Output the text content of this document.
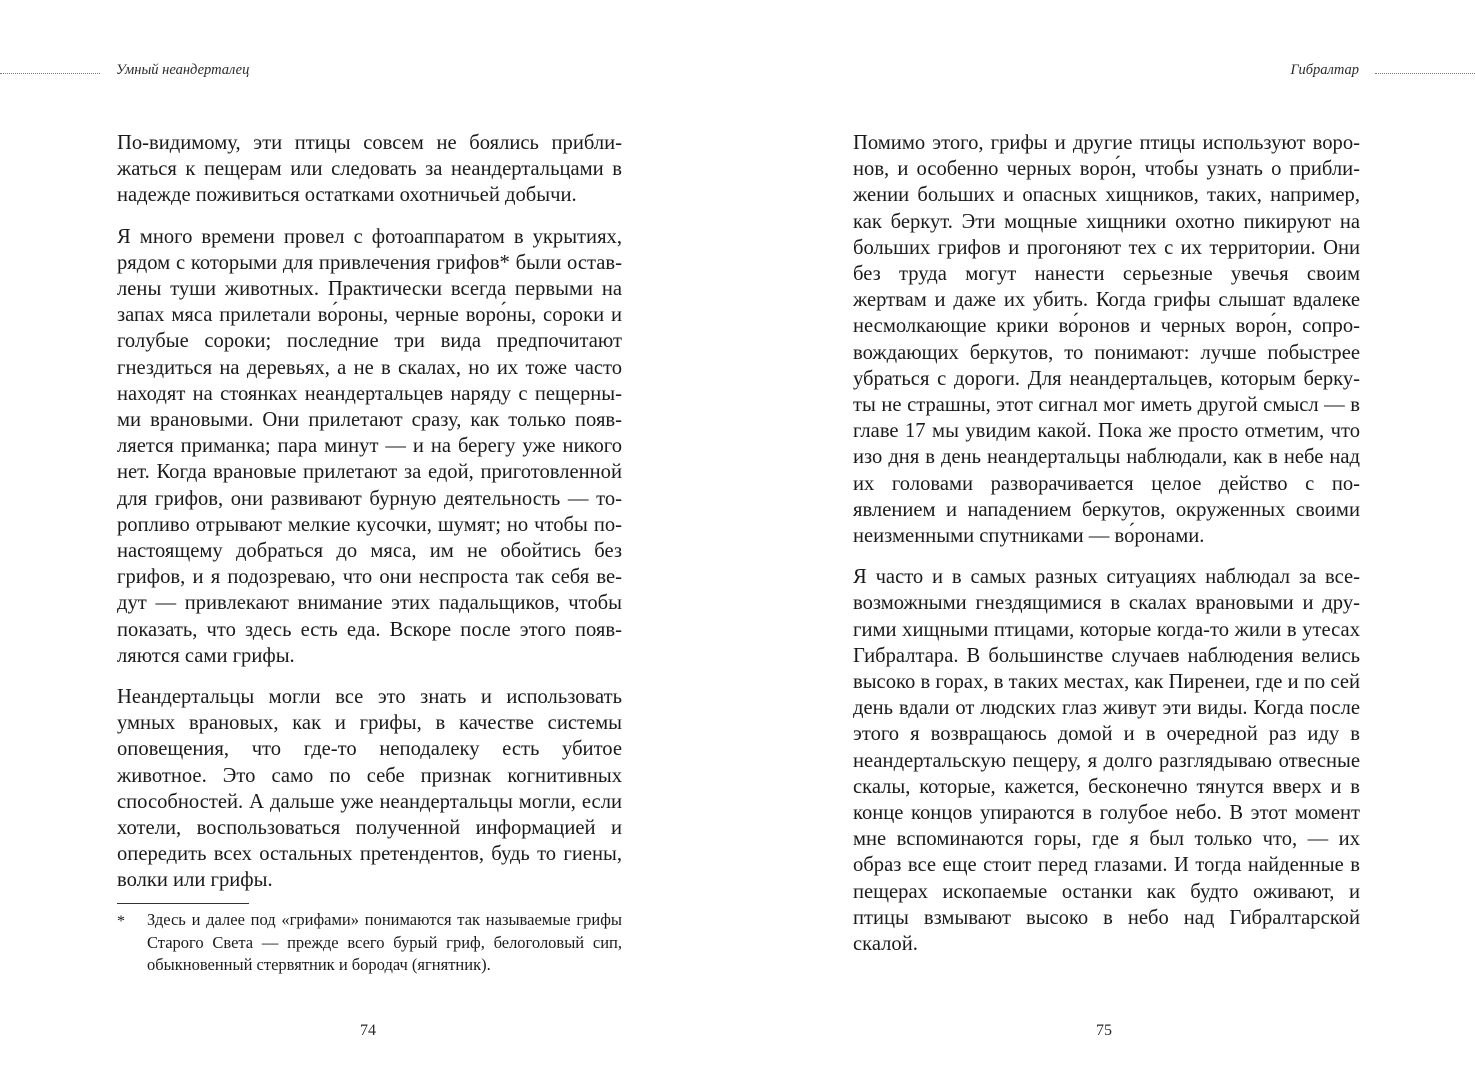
Умный неандерталец

По-видимому, эти птицы совсем не боялись приближаться к пещерам или следовать за неандертальцами в надежде поживиться остатками охотничьей добычи.

Я много времени провел с фотоаппаратом в укрытиях, рядом с которыми для привлечения грифов* были оставлены туши животных. Практически всегда первыми на запах мяса прилетали во́роны, черные воро́ны, сороки и голубые сороки; последние три вида предпочитают гнездиться на деревьях, а не в скалах, но их тоже часто находят на стоянках неандертальцев наряду с пещерными врановыми. Они прилетают сразу, как только появляется приманка; пара минут — и на берегу уже никого нет. Когда врановые прилетают за едой, приготовленной для грифов, они развивают бурную деятельность — торопливо отрывают мелкие кусочки, шумят; но чтобы по-настоящему добраться до мяса, им не обойтись без грифов, и я подозреваю, что они неспроста так себя ведут — привлекают внимание этих падальщиков, чтобы показать, что здесь есть еда. Вскоре после этого появляются сами грифы.

Неандертальцы могли все это знать и использовать умных врановых, как и грифы, в качестве системы оповещения, что где-то неподалеку есть убитое животное. Это само по себе признак когнитивных способностей. А дальше уже неандертальцы могли, если хотели, воспользоваться полученной информацией и опередить всех остальных претендентов, будь то гиены, волки или грифы.

* Здесь и далее под «грифами» понимаются так называемые грифы Старого Света — прежде всего бурый гриф, белоголовый сип, обыкновенный стервятник и бородач (ягнятник).
74
Гибралтар

Помимо этого, грифы и другие птицы используют воронов, и особенно черных воро́н, чтобы узнать о приближении больших и опасных хищников, таких, например, как беркут. Эти мощные хищники охотно пикируют на больших грифов и прогоняют тех с их территории. Они без труда могут нанести серьезные увечья своим жертвам и даже их убить. Когда грифы слышат вдалеке несмолкающие крики во́ронов и черных воро́н, сопровождающих беркутов, то понимают: лучше побыстрее убраться с дороги. Для неандертальцев, которым беркуты не страшны, этот сигнал мог иметь другой смысл — в главе 17 мы увидим какой. Пока же просто отметим, что изо дня в день неандертальцы наблюдали, как в небе над их головами разворачивается целое действо с появлением и нападением беркутов, окруженных своими неизменными спутниками — во́ронами.

Я часто и в самых разных ситуациях наблюдал за всевозможными гнездящимися в скалах врановыми и другими хищными птицами, которые когда-то жили в утесах Гибралтара. В большинстве случаев наблюдения велись высоко в горах, в таких местах, как Пиренеи, где и по сей день вдали от людских глаз живут эти виды. Когда после этого я возвращаюсь домой и в очередной раз иду в неандертальскую пещеру, я долго разглядываю отвесные скалы, которые, кажется, бесконечно тянутся вверх и в конце концов упираются в голубое небо. В этот момент мне вспоминаются горы, где я был только что, — их образ все еще стоит перед глазами. И тогда найденные в пещерах ископаемые останки как будто оживают, и птицы взмывают высоко в небо над Гибралтарской скалой.

75
